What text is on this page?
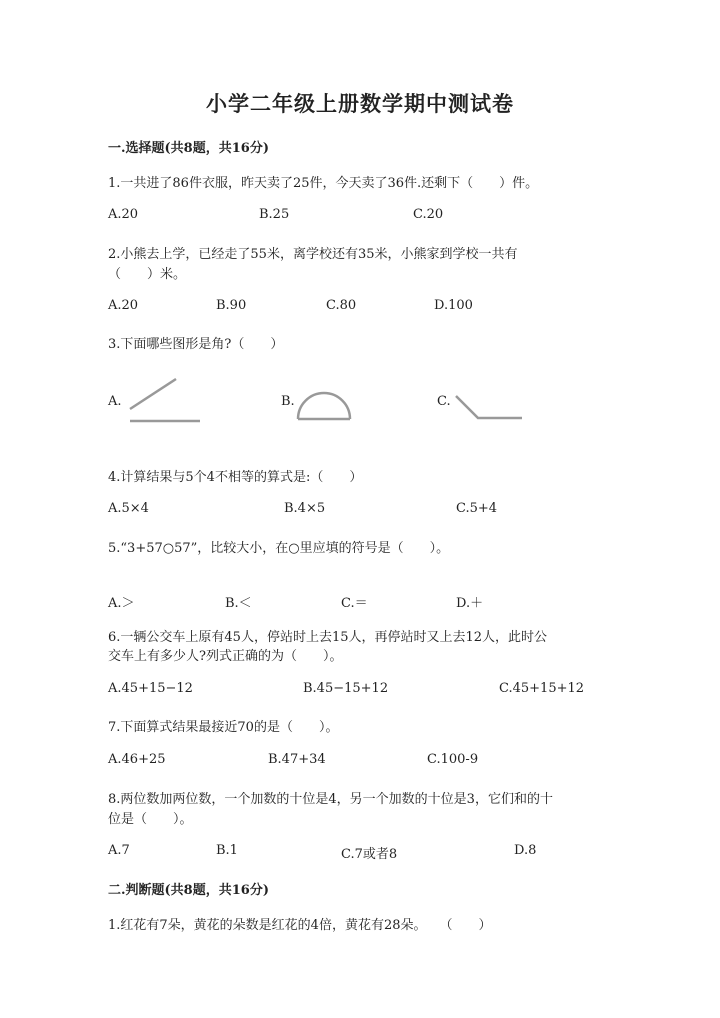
小学二年级上册数学期中测试卷
一.选择题(共8题，共16分)
1.一共进了86件衣服，昨天卖了25件，今天卖了36件.还剩下（　　）件。
A.20	B.25	C.20
2.小熊去上学，已经走了55米，离学校还有35米，小熊家到学校一共有
（　　）米。
A.20	B.90	C.80	D.100
3.下面哪些图形是角?（　　）
A.	B.	C.
4.计算结果与5个4不相等的算式是:（　　）
A.5×4	B.4×5	C.5+4
5.“3+57○57”，比较大小，在○里应填的符号是（　　）。
A.＞	B.＜	C.＝	D.＋
6.一辆公交车上原有45人，停站时上去15人，再停站时又上去12人，此时公
交车上有多少人?列式正确的为（　　）。
A.45+15−12	B.45−15+12	C.45+15+12
7.下面算式结果最接近70的是（　　）。
A.46+25	B.47+34	C.100-9
8.两位数加两位数，一个加数的十位是4，另一个加数的十位是3，它们和的十
位是（　　）。
A.7	B.1	C.7或者8	D.8
二.判断题(共8题，共16分)
1.红花有7朵，黄花的朵数是红花的4倍，黄花有28朵。　　（　　）
